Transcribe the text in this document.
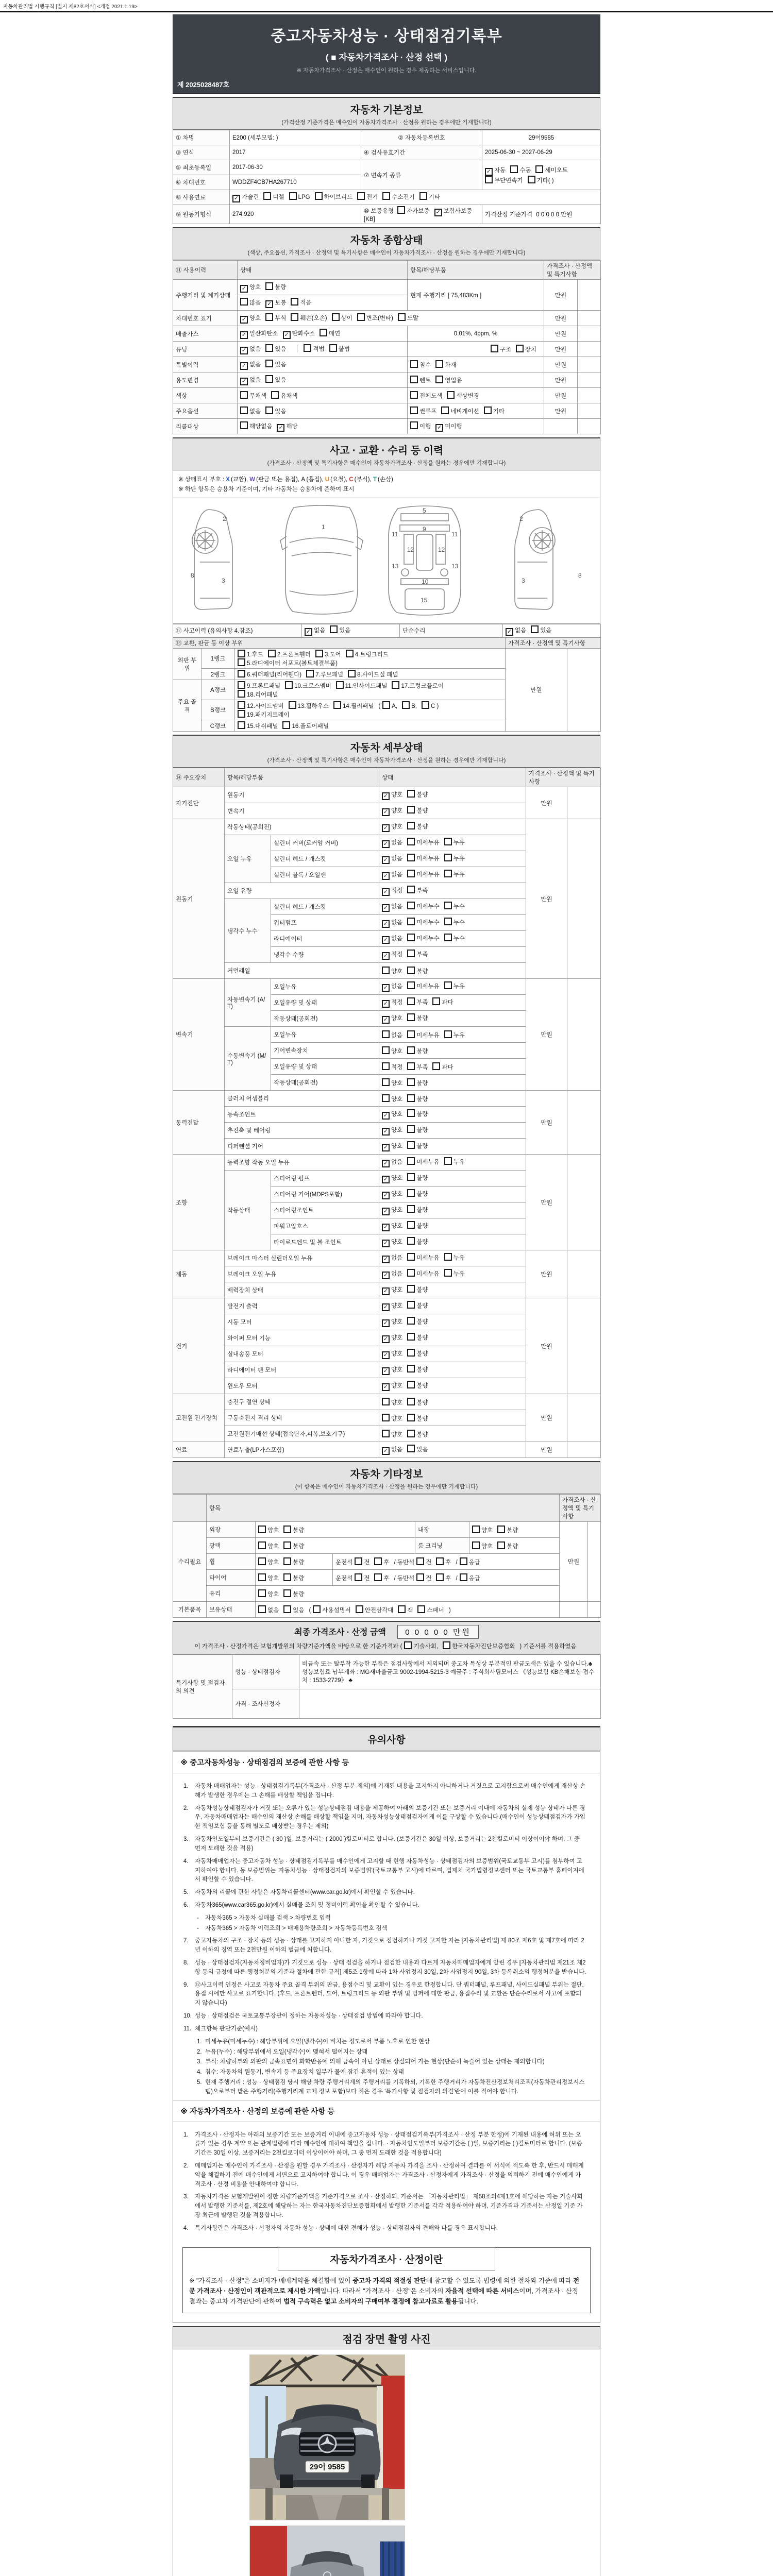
자동차관리법 시행규칙 [별지 제82호서식] <개정 2021.1.19>
중고자동차성능 · 상태점검기록부
( ■ 자동차가격조사 · 산정 선택 )
※ 자동차가격조사 · 산정은 매수인이 원하는 경우 제공하는 서비스입니다.
제 2025028487호
자동차 기본정보
(가격산정 기준가격은 매수인이 자동차가격조사 · 산정을 원하는 경우에만 기재합니다)
① 차명	E200 (세부모델: )	② 자동차등록번호	29어9585
③ 연식	2017	④ 검사유효기간	2025-06-30 ~ 2027-06-29
⑤ 최초등록일	2017-06-30	⑦ 변속기 종류	✓ 자동 수동 세미오토
무단변속기 기타( )
⑥ 차대번호	WDDZF4CB7HA267710		
⑧ 사용연료	✓ 가솔린 디젤 LPG 하이브리드 전기 수소전기 기타		
⑨ 원동기형식	274 920	⑩ 보증유형 자가보증 ✓ 보험사보증 [KB]	가격산정 기준가격 0 0 0 0 0 만원
자동차 종합상태
(색상, 주요옵션, 가격조사 · 산정액 및 특기사항은 매수인이 자동차가격조사 · 산정을 원하는 경우에만 기재합니다)
⑪ 사용이력	상태	항목/해당부품	가격조사 · 산정액 및 특기사항	
주행거리 및 계기상태	✓ 양호 불량	현재 주행거리 [ 75,483Km ]	만원	
	많음 ✓ 보통 적음			
차대번호 표기	✓ 양호 부식 훼손(오손) 상이 변조(변타) 도말		만원	
배출가스	✓ 일산화탄소 ✓ 탄화수소 매연	0.01%, 4ppm, %	만원	
튜닝	✓ 없음 있음 적법 불법	구조 장치	만원	
특별이력	✓ 없음 있음	침수 화재	만원	
용도변경	✓ 없음 있음	렌트 영업용	만원	
색상	무채색 유채색	전체도색 색상변경	만원	
주요옵션	없음 있음	썬루프 네비게이션 기타	만원	
리콜대상	해당없음 ✓ 해당	이행 ✓ 미이행		
사고 · 교환 · 수리 등 이력
(가격조사 · 산정액 및 특기사항은 매수인이 자동차가격조사 · 산정을 원하는 경우에만 기재합니다)
※ 상태표시 부호 : X (교환), W (판금 또는 용접), A (흠집), U (요철), C (부식), T (손상)
※ 하단 항목은 승용차 기준이며, 기타 자동차는 승용차에 준하여 표시
2
8
3
1
5
9
11	11
13	13
12	12
10
15
2
8
3
⑫ 사고이력 (유의사항 4.참조)	✓ 없음 있음	단순수리	✓ 없음 있음
⑬ 교환, 판금 등 이상 부위			가격조사 · 산정액 및 특기사항	
외판 부위	1랭크	1.후드 2.프론트휀더 3.도어 4.트렁크리드
5.라디에이터 서포트(볼트체결부품)	만원	
	2랭크	6.쿼터패널(리어휀다) 7.루브패널 8.사이드실 패널		
주요 골격	A랭크	9.프론트패널 10.크로스멤버 11.인사이드패널 17.트렁크플로어
18.리어패널		
	B랭크	12.사이드멤버 13.휠하우스 14.필러패널 ( A, B, C )
19.패키지트레이		
	C랭크	15.대쉬패널 16.플로어패널		
자동차 세부상태
(가격조사 · 산정액 및 특기사항은 매수인이 자동차가격조사 · 산정을 원하는 경우에만 기재합니다)
⑭ 주요장치	항목/해당부품		상태	가격조사 · 산정액 및 특기사항	
자기진단	원동기		✓ 양호 불량	만원	
	변속기		✓ 양호 불량		
원동기	작동상태(공회전)		✓ 양호 불량	만원	
	오일 누유	실린더 커버(로커암 커버)	✓ 없음 미세누유 누유		
		실린더 헤드 / 개스킷	✓ 없음 미세누유 누유		
		실린더 블록 / 오일팬	✓ 없음 미세누유 누유		
	오일 유량		✓ 적정 부족		
	냉각수 누수	실린더 헤드 / 개스킷	✓ 없음 미세누수 누수		
		워터펌프	✓ 없음 미세누수 누수		
		라디에이터	✓ 없음 미세누수 누수		
		냉각수 수량	✓ 적정 부족		
	커먼레일		양호 불량		
변속기	자동변속기 (A/T)	오일누유	✓ 없음 미세누유 누유	만원	
		오일유량 및 상태	✓ 적정 부족 과다		
		작동상태(공회전)	✓ 양호 불량		
	수동변속기 (M/T)	오일누유	없음 미세누유 누유		
		기어변속장치	양호 불량		
		오일유량 및 상태	적정 부족 과다		
		작동상태(공회전)	양호 불량		
동력전달	클러치 어셈블리		양호 불량	만원	
	등속조인트		✓ 양호 불량		
	추진축 및 베어링		✓ 양호 불량		
	디퍼렌셜 기어		✓ 양호 불량		
조향	동력조향 작동 오일 누유		✓ 없음 미세누유 누유	만원	
	작동상태	스티어링 펌프	✓ 양호 불량		
		스티어링 기어(MDPS포함)	✓ 양호 불량		
		스티어링조인트	✓ 양호 불량		
		파워고압호스	✓ 양호 불량		
		타이로드엔드 및 볼 조인트	✓ 양호 불량		
제동	브레이크 마스터 실린더오일 누유		✓ 없음 미세누유 누유	만원	
	브레이크 오일 누유		✓ 없음 미세누유 누유		
	배력장치 상태		✓ 양호 불량		
전기	발전기 출력		✓ 양호 불량	만원	
	시동 모터		✓ 양호 불량		
	와이퍼 모터 기능		✓ 양호 불량		
	실내송풍 모터		✓ 양호 불량		
	라디에이터 팬 모터		✓ 양호 불량		
	윈도우 모터		✓ 양호 불량		
고전원 전기장치	충전구 절연 상태		양호 불량	만원	
	구동축전지 격리 상태		양호 불량		
	고전원전기배선 상태(접속단자,피복,보호기구)		양호 불량		
연료	연료누출(LP가스포함)		✓ 없음 있음	만원	
자동차 기타정보
(이 항목은 매수인이 자동차가격조사 · 산정을 원하는 경우에만 기재합니다)
	항목					가격조사 · 산정액 및 특기사항	
수리필요	외장	양호 불량		내장	양호 불량	만원	
	광택	양호 불량		룸 크리닝	양호 불량		
	휠	양호 불량	운전석 전 후 / 동반석 전 후 / 응급				
	타이어	양호 불량	운전석 전 후 / 동반석 전 후 / 응급				
	유리	양호 불량					
기본품목	보유상태	없음 있음 ( 사용설명서 안전삼각대 잭 스패너 )					
최종 가격조사 · 산정 금액 0 0 0 0 0 만원
이 가격조사 · 산정가격은 보험개발원의 차량기준가액을 바탕으로 한 기준가격과 ( 기술사회, 한국자동차진단보증협회 ) 기준서를 적용하였음
특기사항 및 점검자의 의견	성능 · 상태점검자	비금속 또는 탈부착 가능한 부품은 점검사항에서 제외되며 중고차 특성상 부분적인 판금도색은 있을 수 있습니다.♣ 성능보험료 납부계좌 : MG새마을금고 9002-1994-5215-3 예금주 : 주식회사팀모터스 《성능보험 KB손해보험 접수처 : 1533-2729》 ♣
	가격 · 조사산정자	
유의사항
※ 중고자동차성능 · 상태점검의 보증에 관한 사항 등
1.	자동차 매매업자는 성능 · 상태점검기록부(가격조사 · 산정 부분 제외)에 기재된 내용을 고지하지 아니하거나 거짓으로 고지함으로써 매수인에게 재산상 손해가 발생한 경우에는 그 손해를 배상할 책임을 집니다.
2.	자동차성능상태점검자가 거짓 또는 오류가 있는 성능상태점검 내용을 제공하여 아래의 보증기간 또는 보증거리 이내에 자동차의 실제 성능 상태가 다른 경우, 자동차매매업자는 매수인의 재산상 손해를 배상할 책임을 지며, 자동차성능상태점검자에게 이를 구상할 수 있습니다.(매수인이 성능상태점검자가 가입한 책임보험 등을 통해 별도로 배상받는 경우는 제외)
3.	자동차인도일부터 보증기간은 ( 30 )일, 보증거리는 ( 2000 )킬로미터로 합니다. (보증기간은 30일 이상, 보증거리는 2천킬로미터 이상이어야 하며, 그 중 먼저 도래한 것을 적용)
4.	자동차매매업자는 중고자동차 성능 · 상태점검기록부를 매수인에게 고지할 때 현행 자동차성능 · 상태점검자의 보증범위(국토교통부 고시)를 첨부하여 고지하여야 합니다. 동 보증범위는 '자동차성능 · 상태점검자의 보증범위'(국토교통부 고시)에 따르며, 법제처 국가법령정보센터 또는 국토교통부 홈페이지에서 확인할 수 있습니다.
5.	자동차의 리콜에 관한 사항은 자동차리콜센터(www.car.go.kr)에서 확인할 수 있습니다.
6.	자동차365(www.car365.go.kr)에서 실매물 조회 및 정비이력 확인을 확인할 수 있습니다.
-	자동차365 > 자동차 실매물 검색 > 차량번호 입력
-	자동차365 > 자동차 이력조회 > 매매용차량조회 > 자동차등록번호 검색
7.	중고자동차의 구조 · 장치 등의 성능 · 상태를 고지하지 아니한 자, 거짓으로 점검하거나 거짓 고지한 자는 [자동차관리법] 제 80조 제6호 및 제7호에 따라 2년 이하의 징역 또는 2천만원 이하의 벌금에 처합니다.
8.	성능 · 상태점검자(자동차정비업자)가 거짓으로 성능 · 상태 점검을 하거나 점검한 내용과 다르게 자동차매매업자에게 알린 경우 [자동차관리법 제21조 제2항 등의 규정에 따른 행정처분의 기준과 절차에 관한 규칙] 제5조 1항에 따라 1차 사업정지 30일, 2차 사업정지 90일, 3차 등록취소의 행정처분을 받습니다.
9.	⑫사고이력 인정은 사고로 자동차 주요 골격 부위의 판금, 용접수리 및 교환이 있는 경우로 한정합니다. 단 쿼터패널, 루프패널, 사이드실패널 부위는 절단, 용접 시에만 사고로 표기합니다. (후드, 프론트펜더, 도어, 트렁크리드 등 외판 부위 및 범퍼에 대한 판금, 용접수리 및 교환은 단순수리로서 사고에 포함되지 않습니다)
10. 성능 · 상태점검은 국토교통부장관이 정하는 자동차성능 · 상태점검 방법에 따라야 합니다.
11. 체크항목 판단기준(예시)
1. 미세누유(미세누수) : 해당부위에 오일(냉각수)이 비치는 정도로서 부품 노후로 인한 현상
2. 누유(누수) : 해당부위에서 오일(냉각수)이 맺혀서 떨어지는 상태
3. 부식: 차량하부와 외판의 금속표면이 화학반응에 의해 금속이 아닌 상태로 상실되어 가는 현상(단순히 녹슬어 있는 상태는 제외합니다)
4. 침수: 자동차의 원동기, 변속기 등 주요장치 일부가 물에 잠긴 흔적이 있는 상태
5. 현재 주행거리 : 성능 · 상태점검 당시 해당 차량 주행거리계의 주행거리를 기록하되, 기록한 주행거리가 자동차전산정보처리조직(자동차관리정보시스템)으로부터 받은 주행거리(주행거리계 교체 정보 포함)보다 적은 경우 '특기사항 및 점검자의 의견'란에 이를 적어야 합니다.
※ 자동차가격조사 · 산정의 보증에 관한 사항 등
1.	가격조사 · 산정자는 아래의 보증기간 또는 보증거리 이내에 중고자동차 성능 · 상태점검기록부(가격조사 · 산정 부분 한정)에 기재된 내용에 허위 또는 오류가 있는 경우 계약 또는 관계법령에 따라 매수인에 대하여 책임을 집니다. · 자동차인도일부터 보증기간은 ( )일, 보증거리는 ( )킬로미터로 합니다. (보증기간은 30일 이상, 보증거리는 2천킬로미터 이상이어야 하며, 그 중 먼저 도래한 것을 적용합니다)
2.	매매업자는 매수인이 가격조사 · 산정을 원할 경우 가격조사 · 산정자가 해당 자동차 가격을 조사 · 산정하여 결과를 이 서식에 적도록 한 후, 반드시 매매계약을 체결하기 전에 매수인에게 서면으로 고지하여야 합니다. 이 경우 매매업자는 가격조사 · 산정자에게 가격조사 · 산정을 의뢰하기 전에 매수인에게 가격조사 · 산정 비용을 안내하여야 합니다.
3.	자동차가격은 보험개발원이 정한 차량기준가액을 기준가격으로 조사 · 산정하되, 기준서는 「자동차관리법」 제58조의4제1호에 해당하는 자는 기술사회에서 발행한 기준서를, 제2호에 해당하는 자는 한국자동차진단보증협회에서 발행한 기준서를 각각 적용하여야 하며, 기준가격과 기준서는 산정일 기준 가장 최근에 발행된 것을 적용합니다.
4.	특기사항란은 가격조사 · 산정자의 자동차 성능 · 상태에 대한 견해가 성능 · 상태점검자의 견해와 다를 경우 표시합니다.
자동차가격조사 · 산정이란
※ "가격조사 · 산정"은 소비자가 매매계약을 체결함에 있어 중고차 가격의 적절성 판단에 참고할 수 있도록 법령에 의한 절차와 기준에 따라 전문 가격조사 · 산정인이 객관적으로 제시한 가액입니다. 따라서 "가격조사 · 산정"은 소비자의 자율적 선택에 따른 서비스이며, 가격조사 · 산정 결과는 중고차 가격판단에 관하여 법적 구속력은 없고 소비자의 구매여부 결정에 참고자료로 활용됩니다.
점검 장면 촬영 사진
29어 9585
